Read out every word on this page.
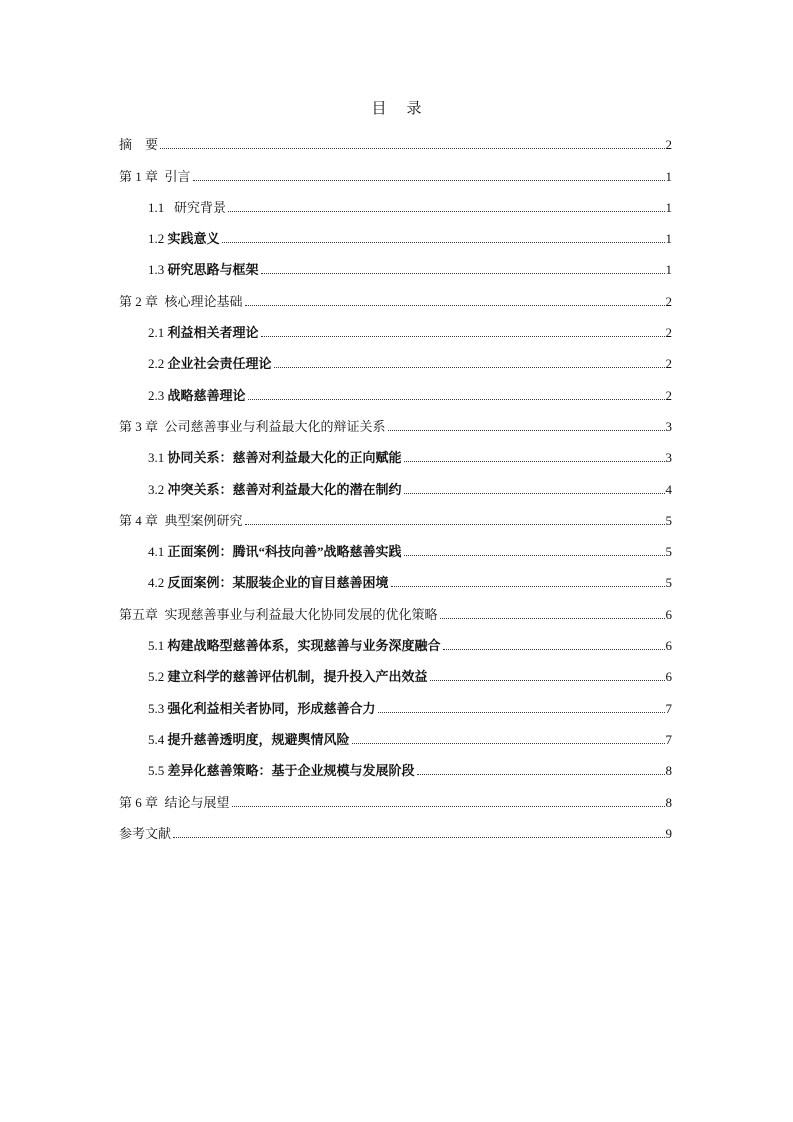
目录
摘　要	2
第 1 章 引言	1
1.1 研究背景	1
1.2 实践意义	1
1.3 研究思路与框架	1
第 2 章 核心理论基础	2
2.1 利益相关者理论	2
2.2 企业社会责任理论	2
2.3 战略慈善理论	2
第 3 章 公司慈善事业与利益最大化的辩证关系	3
3.1 协同关系：慈善对利益最大化的正向赋能	3
3.2 冲突关系：慈善对利益最大化的潜在制约	4
第 4 章 典型案例研究	5
4.1 正面案例：腾讯“科技向善”战略慈善实践	5
4.2 反面案例：某服装企业的盲目慈善困境	5
第五章 实现慈善事业与利益最大化协同发展的优化策略	6
5.1 构建战略型慈善体系，实现慈善与业务深度融合	6
5.2 建立科学的慈善评估机制，提升投入产出效益	6
5.3 强化利益相关者协同，形成慈善合力	7
5.4 提升慈善透明度，规避舆情风险	7
5.5 差异化慈善策略：基于企业规模与发展阶段	8
第 6 章 结论与展望	8
参考文献	9
